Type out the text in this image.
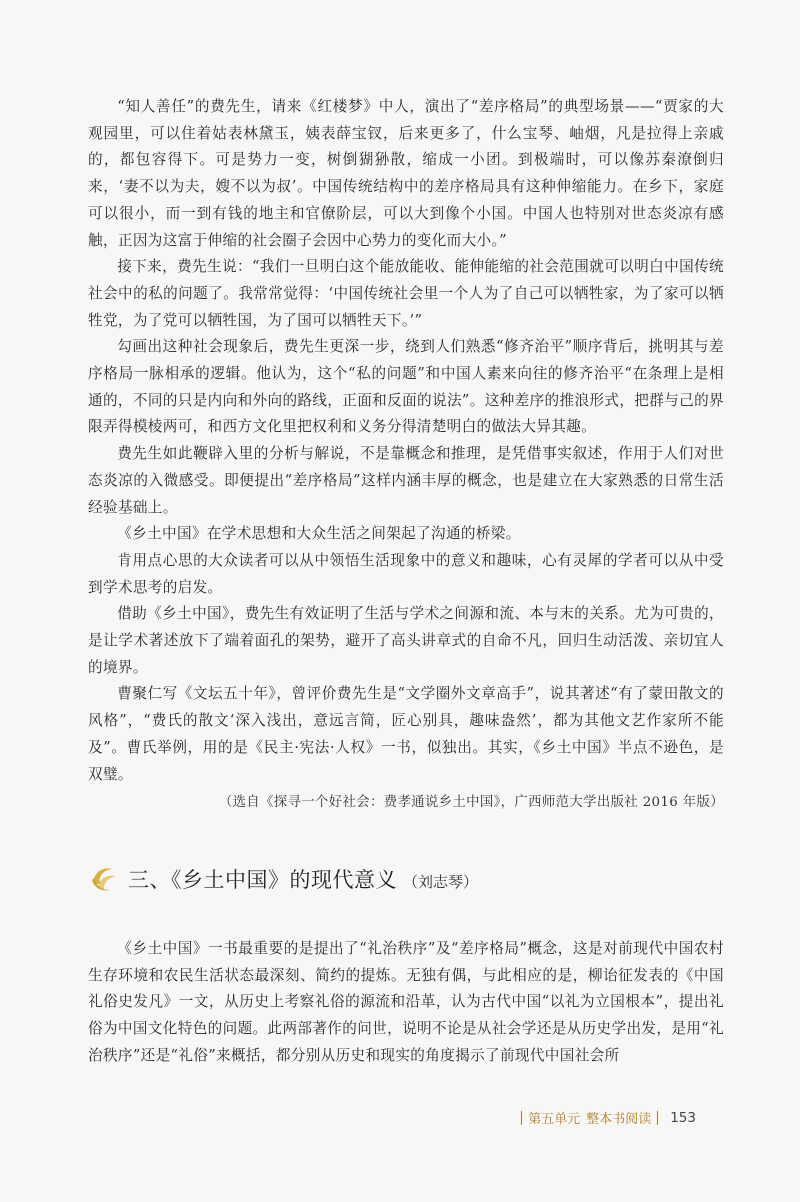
“知人善任”的费先生，请来《红楼梦》中人，演出了“差序格局”的典型场景——“贾家的大观园里，可以住着姑表林黛玉，姨表薛宝钗，后来更多了，什么宝琴、岫烟，凡是拉得上亲戚的，都包容得下。可是势力一变，树倒猢狲散，缩成一小团。到极端时，可以像苏秦潦倒归来，‘妻不以为夫，嫂不以为叔’。中国传统结构中的差序格局具有这种伸缩能力。在乡下，家庭可以很小，而一到有钱的地主和官僚阶层，可以大到像个小国。中国人也特别对世态炎凉有感触，正因为这富于伸缩的社会圈子会因中心势力的变化而大小。”

接下来，费先生说：“我们一旦明白这个能放能收、能伸能缩的社会范围就可以明白中国传统社会中的私的问题了。我常常觉得：‘中国传统社会里一个人为了自己可以牺牲家，为了家可以牺牲党，为了党可以牺牲国，为了国可以牺牲天下。’”

勾画出这种社会现象后，费先生更深一步，绕到人们熟悉“修齐治平”顺序背后，挑明其与差序格局一脉相承的逻辑。他认为，这个“私的问题”和中国人素来向往的修齐治平“在条理上是相通的，不同的只是内向和外向的路线，正面和反面的说法”。这种差序的推浪形式，把群与己的界限弄得模棱两可，和西方文化里把权利和义务分得清楚明白的做法大异其趣。

费先生如此鞭辟入里的分析与解说，不是靠概念和推理，是凭借事实叙述，作用于人们对世态炎凉的入微感受。即便提出“差序格局”这样内涵丰厚的概念，也是建立在大家熟悉的日常生活经验基础上。

《乡土中国》在学术思想和大众生活之间架起了沟通的桥梁。

肯用点心思的大众读者可以从中领悟生活现象中的意义和趣味，心有灵犀的学者可以从中受到学术思考的启发。

借助《乡土中国》，费先生有效证明了生活与学术之间源和流、本与末的关系。尤为可贵的，是让学术著述放下了端着面孔的架势，避开了高头讲章式的自命不凡，回归生动活泼、亲切宜人的境界。

曹聚仁写《文坛五十年》，曾评价费先生是“文学圈外文章高手”，说其著述“有了蒙田散文的风格”，“费氏的散文‘深入浅出，意远言简，匠心别具，趣味盎然’，都为其他文艺作家所不能及”。曹氏举例，用的是《民主·宪法·人权》一书，似独出。其实，《乡土中国》半点不逊色，是双璧。

（选自《探寻一个好社会：费孝通说乡土中国》，广西师范大学出版社 2016 年版）

三、《乡土中国》的现代意义 （刘志琴）

《乡土中国》一书最重要的是提出了“礼治秩序”及“差序格局”概念，这是对前现代中国农村生存环境和农民生活状态最深刻、简约的提炼。无独有偶，与此相应的是，柳诒征发表的《中国礼俗史发凡》一文，从历史上考察礼俗的源流和沿革，认为古代中国“以礼为立国根本”，提出礼俗为中国文化特色的问题。此两部著作的问世，说明不论是从社会学还是从历史学出发，是用“礼治秩序”还是“礼俗”来概括，都分别从历史和现实的角度揭示了前现代中国社会所

第五单元 整本书阅读 153
